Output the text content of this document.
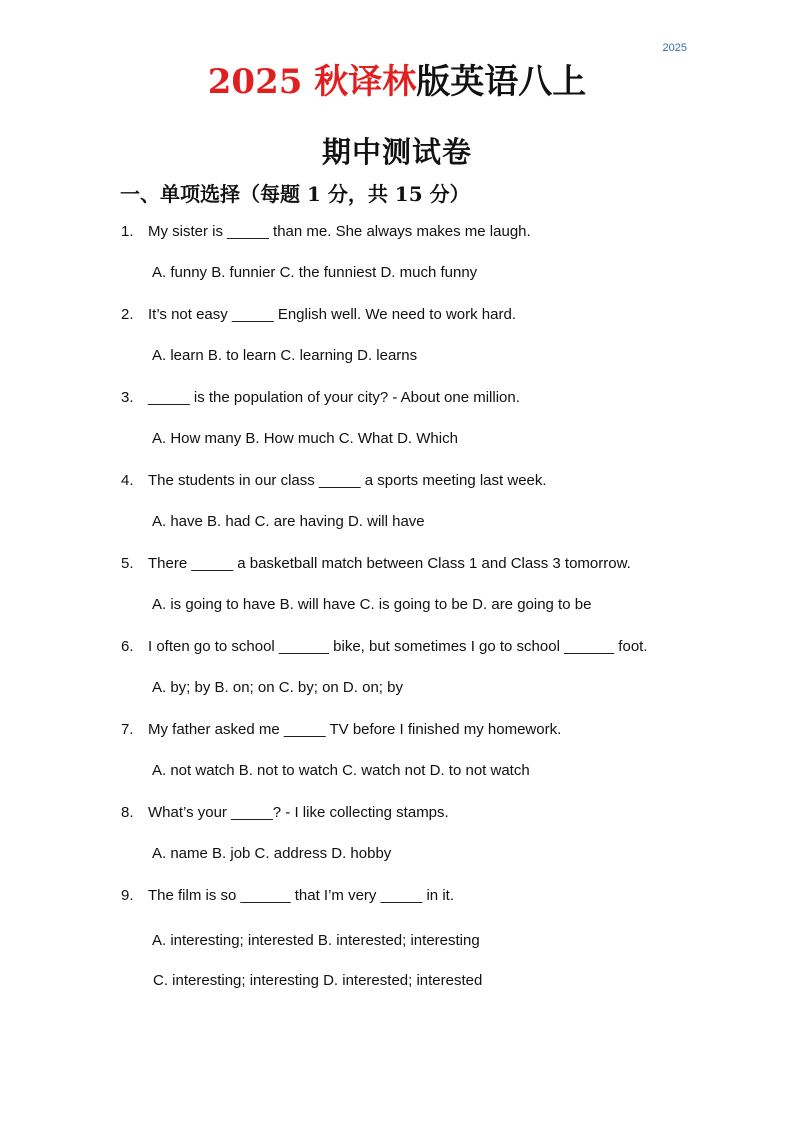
2025
2025 秋译林版英语八上
期中测试卷
一、单项选择（每题 1 分，共 15 分）
1. My sister is _____ than me. She always makes me laugh.
A. funny B. funnier C. the funniest D. much funny
2. It’s not easy _____ English well. We need to work hard.
A. learn B. to learn C. learning D. learns
3. _____ is the population of your city? - About one million.
A. How many B. How much C. What D. Which
4. The students in our class _____ a sports meeting last week.
A. have B. had C. are having D. will have
5. There _____ a basketball match between Class 1 and Class 3 tomorrow.
A. is going to have B. will have C. is going to be D. are going to be
6. I often go to school ______ bike, but sometimes I go to school ______ foot.
A. by; by B. on; on C. by; on D. on; by
7. My father asked me _____ TV before I finished my homework.
A. not watch B. not to watch C. watch not D. to not watch
8. What’s your _____? - I like collecting stamps.
A. name B. job C. address D. hobby
9. The film is so ______ that I’m very _____ in it.
A. interesting; interested B. interested; interesting
C. interesting; interesting D. interested; interested
